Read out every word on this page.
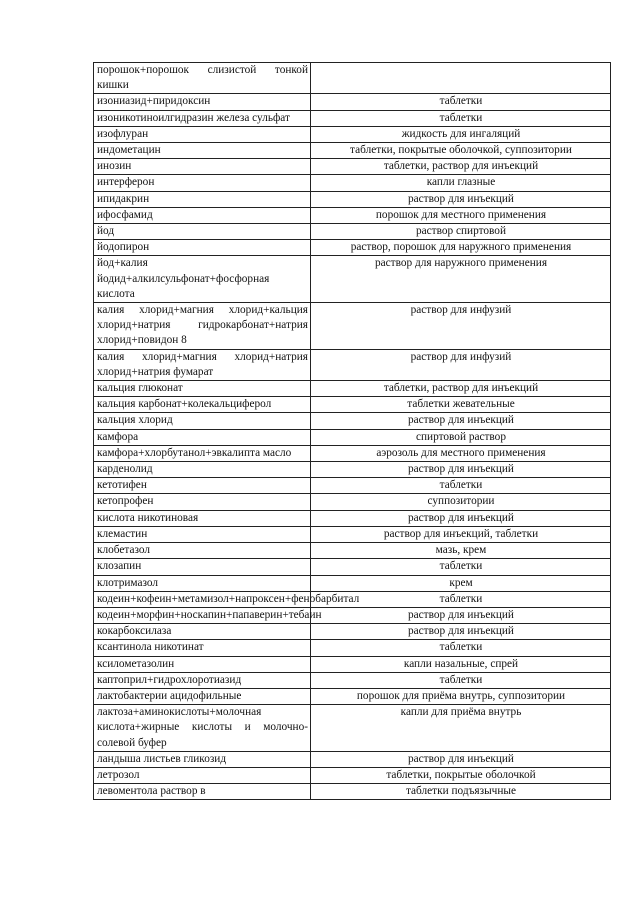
порошок+порошок слизистой тонкой кишки	
изониазид+пиридоксин	таблетки
изоникотиноилгидразин железа сульфат	таблетки
изофлуран	жидкость для ингаляций
индометацин	таблетки, покрытые оболочкой, суппозитории
инозин	таблетки, раствор для инъекций
интерферон	капли глазные
ипидакрин	раствор для инъекций
ифосфамид	порошок для местного применения
йод	раствор спиртовой
йодопирон	раствор, порошок для наружного применения
йод+калия йодид+алкилсульфонат+фосфорная кислота	раствор для наружного применения
калия хлорид+магния хлорид+кальция хлорид+натрия гидрокарбонат+натрия хлорид+повидон 8	раствор для инфузий
калия хлорид+магния хлорид+натрия хлорид+натрия фумарат	раствор для инфузий
кальция глюконат	таблетки, раствор для инъекций
кальция карбонат+колекальциферол	таблетки жевательные
кальция хлорид	раствор для инъекций
камфора	спиртовой раствор
камфора+хлорбутанол+эвкалипта масло	аэрозоль для местного применения
карденолид	раствор для инъекций
кетотифен	таблетки
кетопрофен	суппозитории
кислота никотиновая	раствор для инъекций
клемастин	раствор для инъекций, таблетки
клобетазол	мазь, крем
клозапин	таблетки
клотримазол	крем
кодеин+кофеин+метамизол+напроксен+фенобарбитал	таблетки
кодеин+морфин+носкапин+папаверин+тебаин	раствор для инъекций
кокарбоксилаза	раствор для инъекций
ксантинола никотинат	таблетки
ксилометазолин	капли назальные, спрей
каптоприл+гидрохлоротиазид	таблетки
лактобактерии ацидофильные	порошок для приёма внутрь, суппозитории
лактоза+аминокислоты+молочная кислота+жирные кислоты и молочно-солевой буфер	капли для приёма внутрь
ландыша листьев гликозид	раствор для инъекций
летрозол	таблетки, покрытые оболочкой
левоментола раствор в	таблетки подъязычные
